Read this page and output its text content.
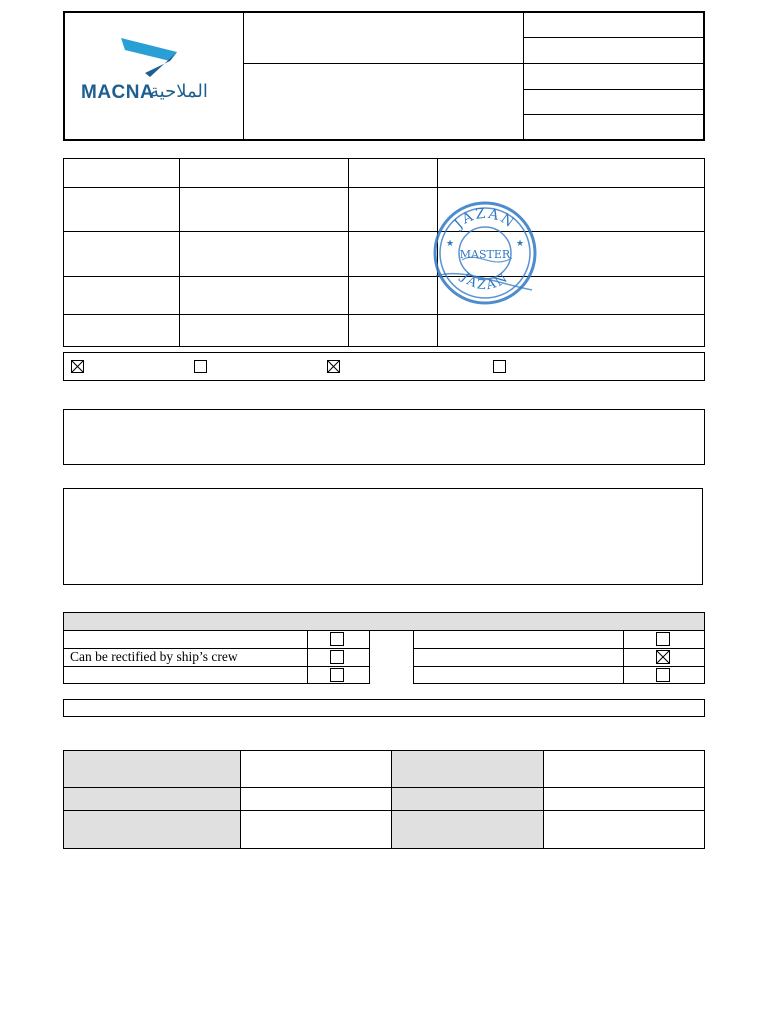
MACNA
الملاحية
JAZAN
JAZAN
MASTER
★	★
Can be rectified by ship’s crew
